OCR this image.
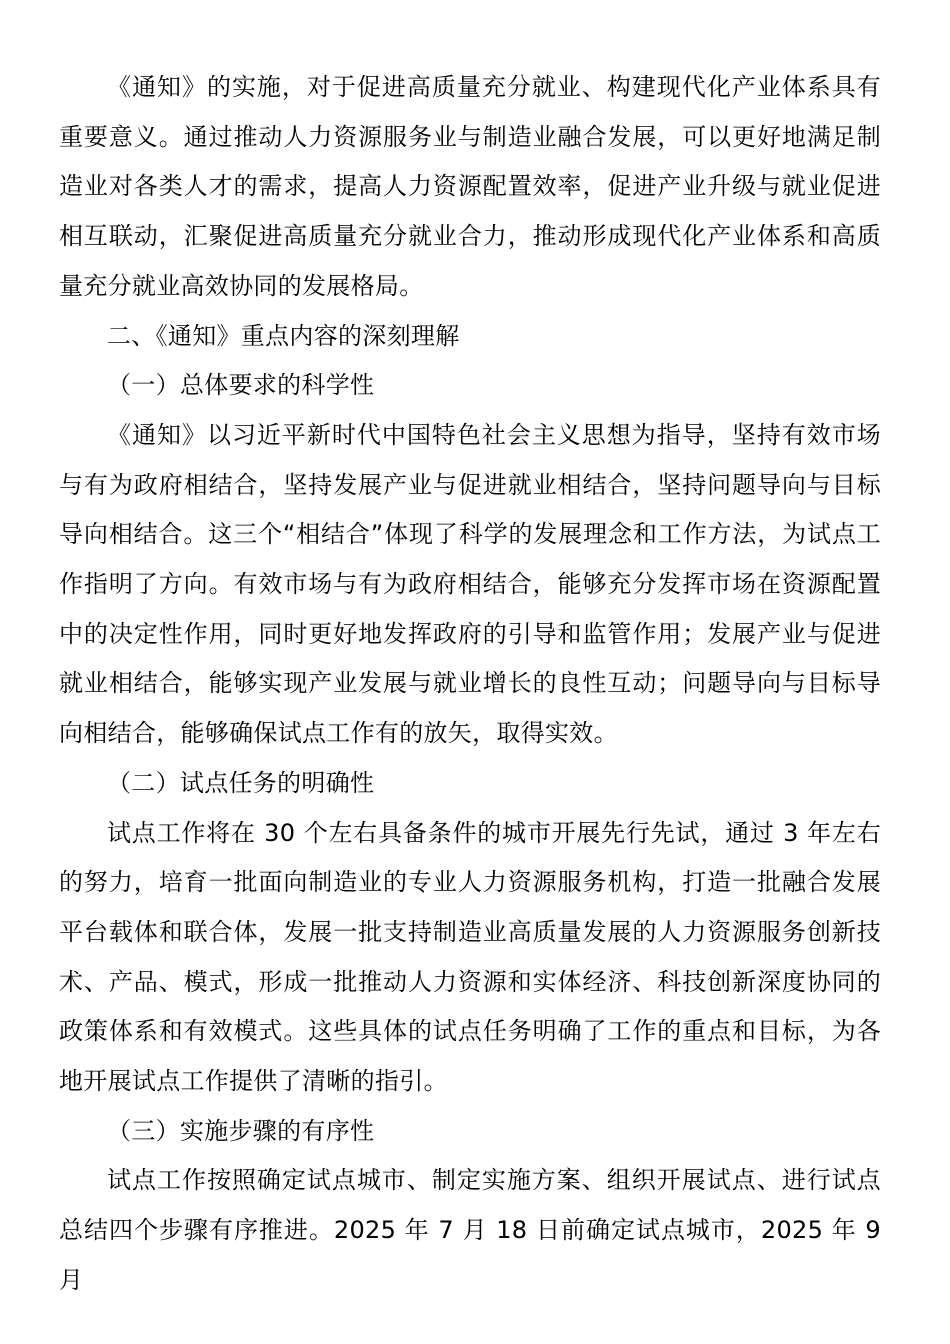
《通知》的实施，对于促进高质量充分就业、构建现代化产业体系具有重要意义。通过推动人力资源服务业与制造业融合发展，可以更好地满足制造业对各类人才的需求，提高人力资源配置效率，促进产业升级与就业促进相互联动，汇聚促进高质量充分就业合力，推动形成现代化产业体系和高质量充分就业高效协同的发展格局。

二、《通知》重点内容的深刻理解

（一）总体要求的科学性

《通知》以习近平新时代中国特色社会主义思想为指导，坚持有效市场与有为政府相结合，坚持发展产业与促进就业相结合，坚持问题导向与目标导向相结合。这三个“相结合”体现了科学的发展理念和工作方法，为试点工作指明了方向。有效市场与有为政府相结合，能够充分发挥市场在资源配置中的决定性作用，同时更好地发挥政府的引导和监管作用；发展产业与促进就业相结合，能够实现产业发展与就业增长的良性互动；问题导向与目标导向相结合，能够确保试点工作有的放矢，取得实效。

（二）试点任务的明确性

试点工作将在 30 个左右具备条件的城市开展先行先试，通过 3 年左右的努力，培育一批面向制造业的专业人力资源服务机构，打造一批融合发展平台载体和联合体，发展一批支持制造业高质量发展的人力资源服务创新技术、产品、模式，形成一批推动人力资源和实体经济、科技创新深度协同的政策体系和有效模式。这些具体的试点任务明确了工作的重点和目标，为各地开展试点工作提供了清晰的指引。

（三）实施步骤的有序性

试点工作按照确定试点城市、制定实施方案、组织开展试点、进行试点总结四个步骤有序推进。2025 年 7 月 18 日前确定试点城市，2025 年 9 月
